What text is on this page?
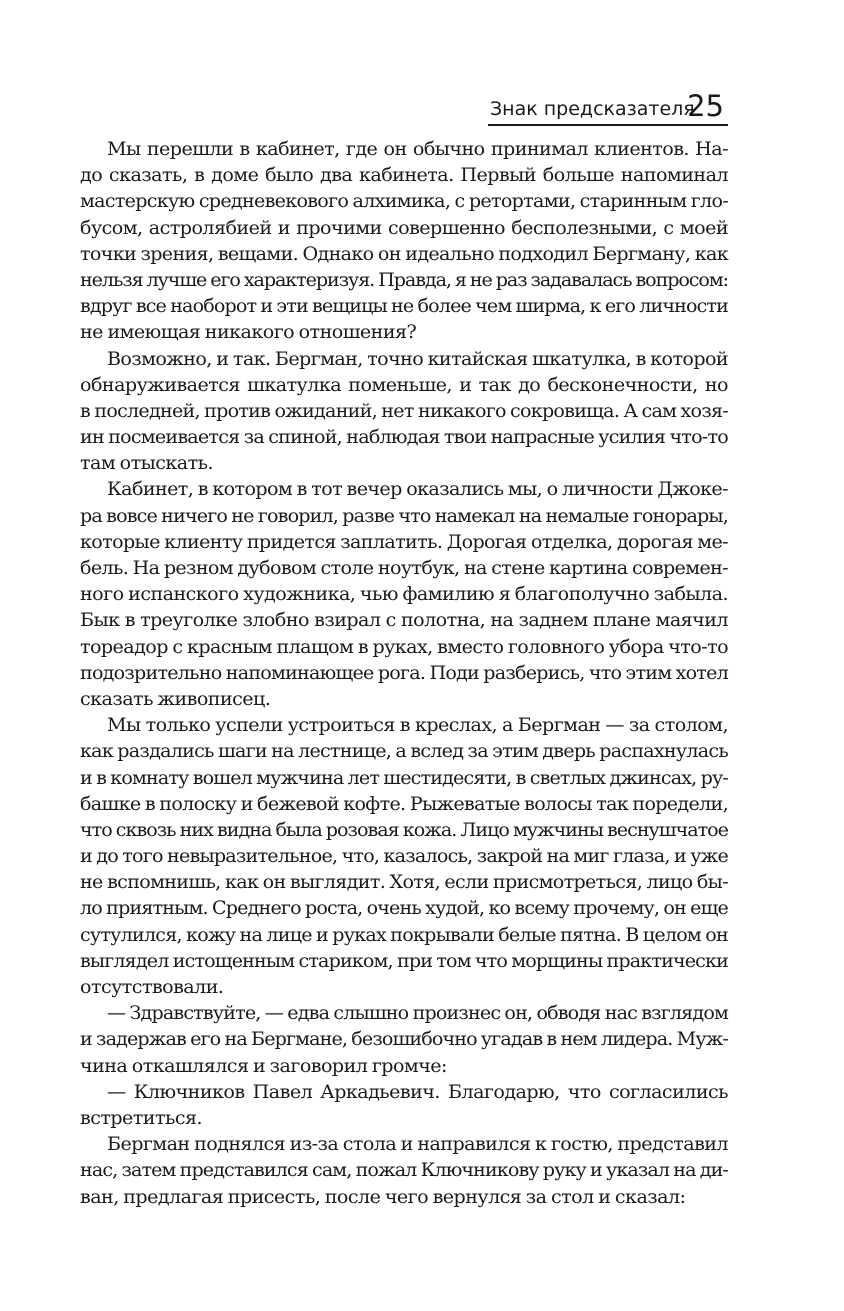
Знак предсказателя
25

Мы перешли в кабинет, где он обычно принимал клиентов. На-
до сказать, в доме было два кабинета. Первый больше напоминал
мастерскую средневекового алхимика, с ретортами, старинным гло-
бусом, астролябией и прочими совершенно бесполезными, с моей
точки зрения, вещами. Однако он идеально подходил Бергману, как
нельзя лучше его характеризуя. Правда, я не раз задавалась вопросом:
вдруг все наоборот и эти вещицы не более чем ширма, к его личности
не имеющая никакого отношения?

Возможно, и так. Бергман, точно китайская шкатулка, в которой
обнаруживается шкатулка поменьше, и так до бесконечности, но
в последней, против ожиданий, нет никакого сокровища. А сам хозя-
ин посмеивается за спиной, наблюдая твои напрасные усилия что-то
там отыскать.

Кабинет, в котором в тот вечер оказались мы, о личности Джоке-
ра вовсе ничего не говорил, разве что намекал на немалые гонорары,
которые клиенту придется заплатить. Дорогая отделка, дорогая ме-
бель. На резном дубовом столе ноутбук, на стене картина современ-
ного испанского художника, чью фамилию я благополучно забыла.
Бык в треуголке злобно взирал с полотна, на заднем плане маячил
тореадор с красным плащом в руках, вместо головного убора что-то
подозрительно напоминающее рога. Поди разберись, что этим хотел
сказать живописец.

Мы только успели устроиться в креслах, а Бергман — за столом,
как раздались шаги на лестнице, а вслед за этим дверь распахнулась
и в комнату вошел мужчина лет шестидесяти, в светлых джинсах, ру-
башке в полоску и бежевой кофте. Рыжеватые волосы так поредели,
что сквозь них видна была розовая кожа. Лицо мужчины веснушчатое
и до того невыразительное, что, казалось, закрой на миг глаза, и уже
не вспомнишь, как он выглядит. Хотя, если присмотреться, лицо бы-
ло приятным. Среднего роста, очень худой, ко всему прочему, он еще
сутулился, кожу на лице и руках покрывали белые пятна. В целом он
выглядел истощенным стариком, при том что морщины практически
отсутствовали.

— Здравствуйте, — едва слышно произнес он, обводя нас взглядом
и задержав его на Бергмане, безошибочно угадав в нем лидера. Муж-
чина откашлялся и заговорил громче:

— Ключников Павел Аркадьевич. Благодарю, что согласились
встретиться.

Бергман поднялся из-за стола и направился к гостю, представил
нас, затем представился сам, пожал Ключникову руку и указал на ди-
ван, предлагая присесть, после чего вернулся за стол и сказал:
